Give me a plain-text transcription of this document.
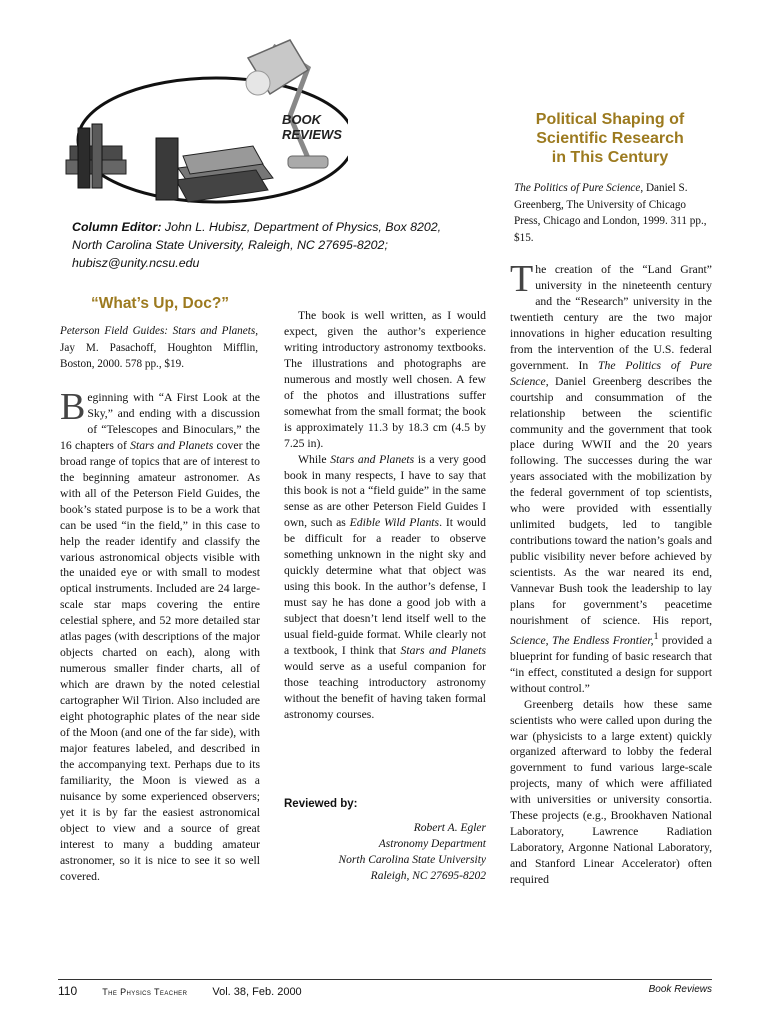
BOOK
REVIEWS
Column Editor: John L. Hubisz, Department of Physics, Box 8202, North Carolina State University, Raleigh, NC 27695-8202; hubisz@unity.ncsu.edu
“What’s Up, Doc?”
Peterson Field Guides: Stars and Planets, Jay M. Pasachoff, Houghton Mifflin, Boston, 2000. 578 pp., $19.

Beginning with “A First Look at the Sky,” and ending with a discussion of “Telescopes and Binoculars,” the 16 chapters of Stars and Planets cover the broad range of topics that are of interest to the beginning amateur astronomer. As with all of the Peterson Field Guides, the book’s stated purpose is to be a work that can be used “in the field,” in this case to help the reader identify and classify the various astronomical objects visible with the unaided eye or with small to modest optical instruments. Included are 24 large-scale star maps covering the entire celestial sphere, and 52 more detailed star atlas pages (with descriptions of the major objects charted on each), along with numerous smaller finder charts, all of which are drawn by the noted celestial cartographer Wil Tirion. Also included are eight photographic plates of the near side of the Moon (and one of the far side), with major features labeled, and described in the accompanying text. Perhaps due to its familiarity, the Moon is viewed as a nuisance by some experienced observers; yet it is by far the easiest astronomical object to view and a source of great interest to many a budding amateur astronomer, so it is nice to see it so well covered.

The book is well written, as I would expect, given the author’s experience writing introductory astronomy textbooks. The illustrations and photographs are numerous and mostly well chosen. A few of the photos and illustrations suffer somewhat from the small format; the book is approximately 11.3 by 18.3 cm (4.5 by 7.25 in).

While Stars and Planets is a very good book in many respects, I have to say that this book is not a “field guide” in the same sense as are other Peterson Field Guides I own, such as Edible Wild Plants. It would be difficult for a reader to observe something unknown in the night sky and quickly determine what that object was using this book. In the author’s defense, I must say he has done a good job with a subject that doesn’t lend itself well to the usual field-guide format. While clearly not a textbook, I think that Stars and Planets would serve as a useful companion for those teaching introductory astronomy without the benefit of having taken formal astronomy courses.

Reviewed by:
Robert A. Egler
Astronomy Department
North Carolina State University
Raleigh, NC 27695-8202
Political Shaping of
Scientific Research
in This Century
The Politics of Pure Science, Daniel S. Greenberg, The University of Chicago Press, Chicago and London, 1999. 311 pp., $15.

The creation of the “Land Grant” university in the nineteenth century and the “Research” university in the twentieth century are the two major innovations in higher education resulting from the intervention of the U.S. federal government. In The Politics of Pure Science, Daniel Greenberg describes the courtship and consummation of the relationship between the scientific community and the government that took place during WWII and the 20 years following. The successes during the war years associated with the mobilization by the federal government of top scientists, who were provided with essentially unlimited budgets, led to tangible contributions toward the nation’s goals and public visibility never before achieved by scientists. As the war neared its end, Vannevar Bush took the leadership to lay plans for government’s peacetime nourishment of science. His report, Science, The Endless Frontier,$^1$ provided a blueprint for funding of basic research that “in effect, constituted a design for support without control.”

Greenberg details how these same scientists who were called upon during the war (physicists to a large extent) quickly organized afterward to lobby the federal government to fund various large-scale projects, many of which were affiliated with universities or university consortia. These projects (e.g., Brookhaven National Laboratory, Lawrence Radiation Laboratory, Argonne National Laboratory, and Stanford Linear Accelerator) often required

110	The Physics Teacher Vol. 38, Feb. 2000	Book Reviews
